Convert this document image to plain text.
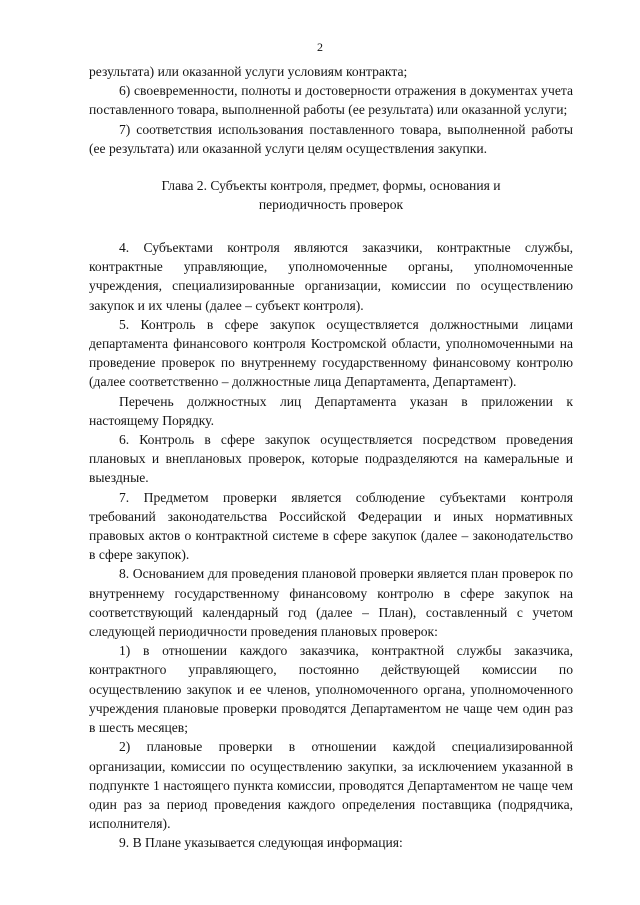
2

результата) или оказанной услуги условиям контракта;

6) своевременности, полноты и достоверности отражения в документах учета поставленного товара, выполненной работы (ее результата) или оказанной услуги;

7) соответствия использования поставленного товара, выполненной работы (ее результата) или оказанной услуги целям осуществления закупки.

Глава 2. Субъекты контроля, предмет, формы, основания и
периодичность проверок

4. Субъектами контроля являются заказчики, контрактные службы, контрактные управляющие, уполномоченные органы, уполномоченные учреждения, специализированные организации, комиссии по осуществлению закупок и их члены (далее – субъект контроля).

5. Контроль в сфере закупок осуществляется должностными лицами департамента финансового контроля Костромской области, уполномоченными на проведение проверок по внутреннему государственному финансовому контролю (далее соответственно – должностные лица Департамента, Департамент).

Перечень должностных лиц Департамента указан в приложении к настоящему Порядку.

6. Контроль в сфере закупок осуществляется посредством проведения плановых и внеплановых проверок, которые подразделяются на камеральные и выездные.

7. Предметом проверки является соблюдение субъектами контроля требований законодательства Российской Федерации и иных нормативных правовых актов о контрактной системе в сфере закупок (далее – законодательство в сфере закупок).

8. Основанием для проведения плановой проверки является план проверок по внутреннему государственному финансовому контролю в сфере закупок на соответствующий календарный год (далее – План), составленный с учетом следующей периодичности проведения плановых проверок:

1) в отношении каждого заказчика, контрактной службы заказчика, контрактного управляющего, постоянно действующей комиссии по осуществлению закупок и ее членов, уполномоченного органа, уполномоченного учреждения плановые проверки проводятся Департаментом не чаще чем один раз в шесть месяцев;

2) плановые проверки в отношении каждой специализированной организации, комиссии по осуществлению закупки, за исключением указанной в подпункте 1 настоящего пункта комиссии, проводятся Департаментом не чаще чем один раз за период проведения каждого определения поставщика (подрядчика, исполнителя).

9. В Плане указывается следующая информация:
